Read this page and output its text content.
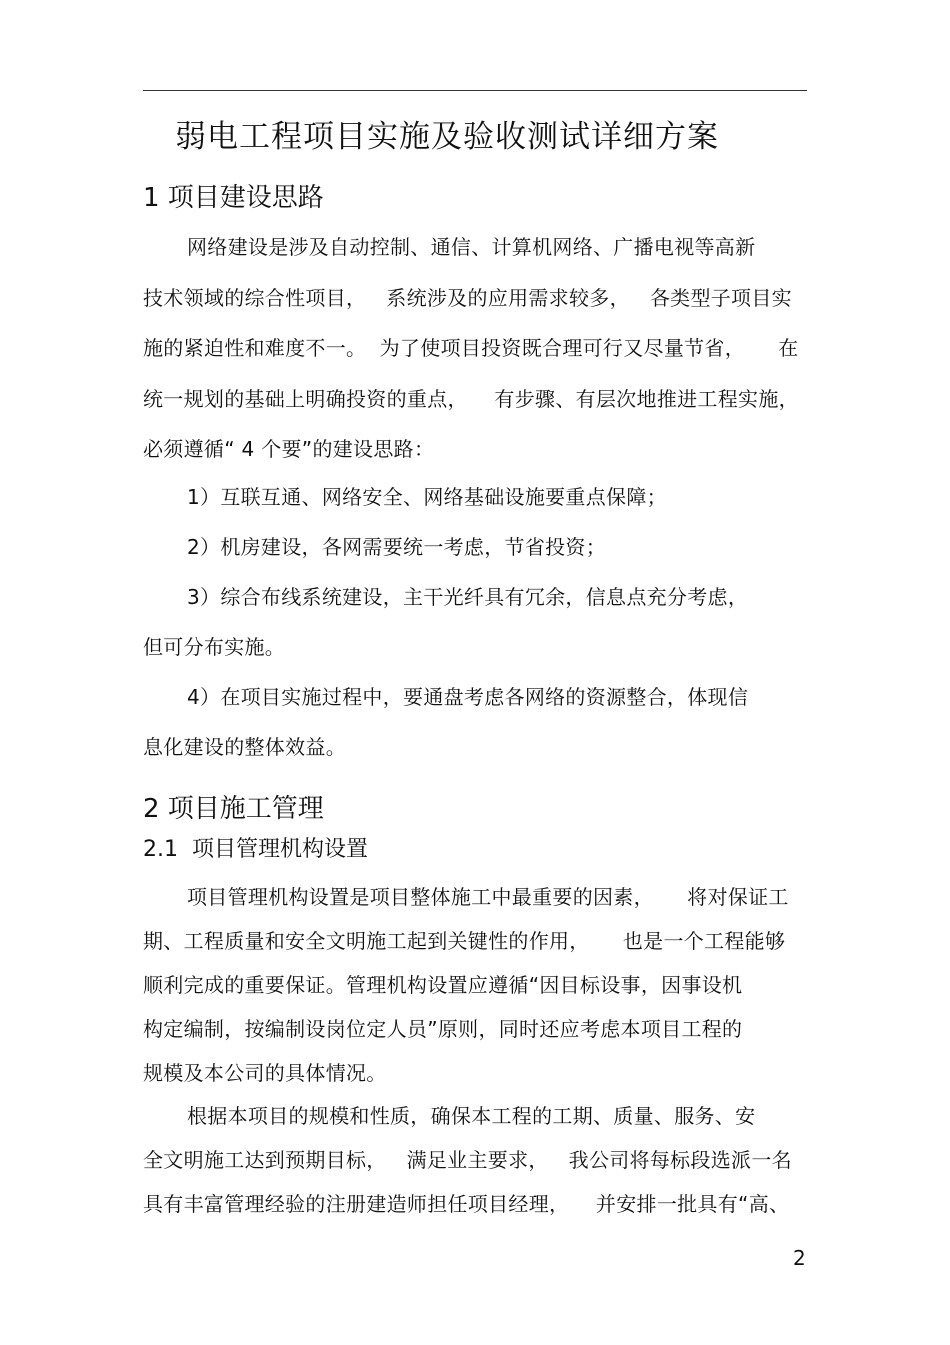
弱电工程项目实施及验收测试详细方案
1 项目建设思路
网络建设是涉及自动控制、通信、计算机网络、广播电视等高新
技术领域的综合性项目，   系统涉及的应用需求较多，   各类型子项目实
施的紧迫性和难度不一。  为了使项目投资既合理可行又尽量节省，     在
统一规划的基础上明确投资的重点，    有步骤、有层次地推进工程实施，
必须遵循“ 4 个要”的建设思路：
1）互联互通、网络安全、网络基础设施要重点保障；
2）机房建设，各网需要统一考虑，节省投资；
3）综合布线系统建设，主干光纤具有冗余，信息点充分考虑，
但可分布实施。
4）在项目实施过程中，要通盘考虑各网络的资源整合，体现信
息化建设的整体效益。
2 项目施工管理
2.1  项目管理机构设置
项目管理机构设置是项目整体施工中最重要的因素，     将对保证工
期、工程质量和安全文明施工起到关键性的作用，     也是一个工程能够
顺利完成的重要保证。管理机构设置应遵循“因目标设事，因事设机
构定编制，按编制设岗位定人员”原则，同时还应考虑本项目工程的
规模及本公司的具体情况。
根据本项目的规模和性质，确保本工程的工期、质量、服务、安
全文明施工达到预期目标，   满足业主要求，   我公司将每标段选派一名
具有丰富管理经验的注册建造师担任项目经理，    并安排一批具有“高、
2
